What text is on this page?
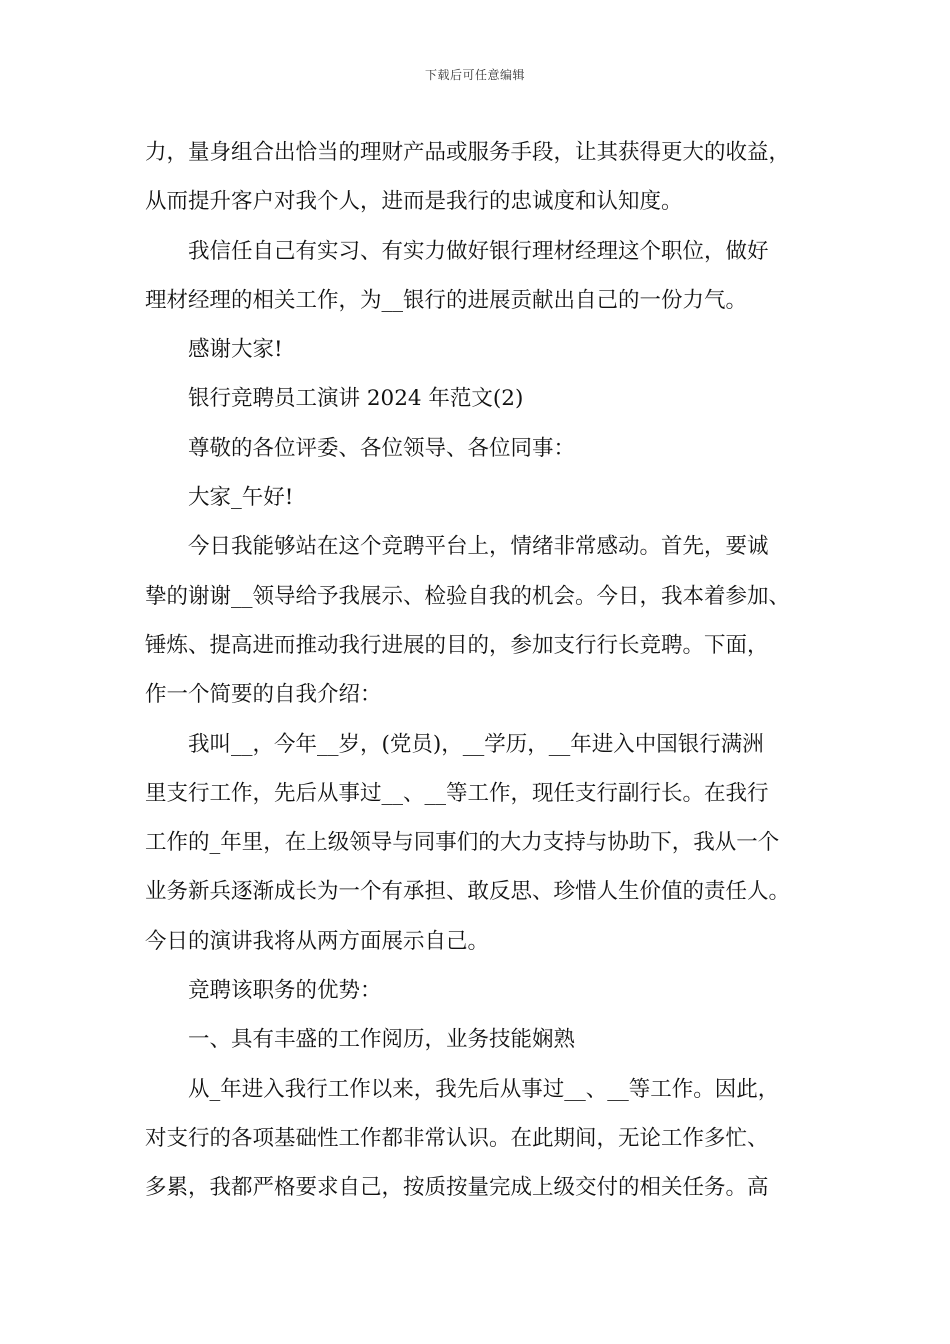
下载后可任意编辑
力，量身组合出恰当的理财产品或服务手段，让其获得更大的收益，
从而提升客户对我个人，进而是我行的忠诚度和认知度。
我信任自己有实习、有实力做好银行理材经理这个职位，做好
理材经理的相关工作，为__银行的进展贡献出自己的一份力气。
感谢大家!
银行竞聘员工演讲 2024 年范文(2)
尊敬的各位评委、各位领导、各位同事：
大家_午好!
今日我能够站在这个竞聘平台上，情绪非常感动。首先，要诚
挚的谢谢__领导给予我展示、检验自我的机会。今日，我本着参加、
锤炼、提高进而推动我行进展的目的，参加支行行长竞聘。下面，
作一个简要的自我介绍：
我叫__，今年__岁，(党员)，__学历，__年进入中国银行满洲
里支行工作，先后从事过__、__等工作，现任支行副行长。在我行
工作的_年里，在上级领导与同事们的大力支持与协助下，我从一个
业务新兵逐渐成长为一个有承担、敢反思、珍惜人生价值的责任人。
今日的演讲我将从两方面展示自己。
竞聘该职务的优势：
一、具有丰盛的工作阅历，业务技能娴熟
从_年进入我行工作以来，我先后从事过__、__等工作。因此，
对支行的各项基础性工作都非常认识。在此期间，无论工作多忙、
多累，我都严格要求自己，按质按量完成上级交付的相关任务。高
